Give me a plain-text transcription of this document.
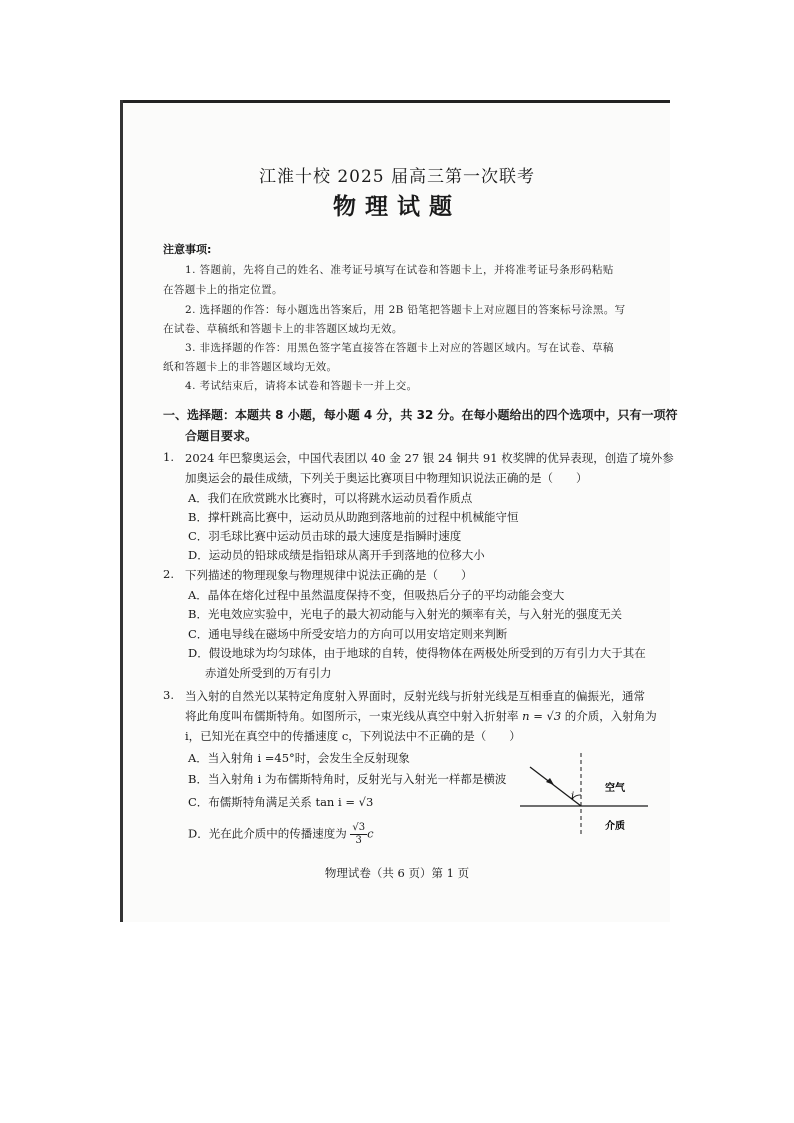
江淮十校 2025 届高三第一次联考
物理试题
注意事项:
1. 答题前，先将自己的姓名、准考证号填写在试卷和答题卡上，并将准考证号条形码粘贴
在答题卡上的指定位置。
2. 选择题的作答：每小题选出答案后，用 2B 铅笔把答题卡上对应题目的答案标号涂黑。写
在试卷、草稿纸和答题卡上的非答题区域均无效。
3. 非选择题的作答：用黑色签字笔直接答在答题卡上对应的答题区域内。写在试卷、草稿
纸和答题卡上的非答题区域均无效。
4. 考试结束后，请将本试卷和答题卡一并上交。
一、选择题：本题共 8 小题，每小题 4 分，共 32 分。在每小题给出的四个选项中，只有一项符
合题目要求。
1. 2024 年巴黎奥运会，中国代表团以 40 金 27 银 24 铜共 91 枚奖牌的优异表现，创造了境外参
加奥运会的最佳成绩，下列关于奥运比赛项目中物理知识说法正确的是（　　）
A．我们在欣赏跳水比赛时，可以将跳水运动员看作质点
B．撑杆跳高比赛中，运动员从助跑到落地前的过程中机械能守恒
C．羽毛球比赛中运动员击球的最大速度是指瞬时速度
D．运动员的铅球成绩是指铅球从离开手到落地的位移大小
2. 下列描述的物理现象与物理规律中说法正确的是（　　）
A．晶体在熔化过程中虽然温度保持不变，但吸热后分子的平均动能会变大
B．光电效应实验中，光电子的最大初动能与入射光的频率有关，与入射光的强度无关
C．通电导线在磁场中所受安培力的方向可以用安培定则来判断
D．假设地球为均匀球体，由于地球的自转，使得物体在两极处所受到的万有引力大于其在
赤道处所受到的万有引力
3. 当入射的自然光以某特定角度射入界面时，反射光线与折射光线是互相垂直的偏振光，通常
将此角度叫布儒斯特角。如图所示，一束光线从真空中射入折射率 n = √3 的介质，入射角为
i，已知光在真空中的传播速度 c，下列说法中不正确的是（　　）
A．当入射角 i =45°时，会发生全反射现象
B．当入射角 i 为布儒斯特角时，反射光与入射光一样都是横波
C．布儒斯特角满足关系 tan i = √3
D．光在此介质中的传播速度为 $\frac{√3}{3}$ c
i
空气
介质
物理试卷（共 6 页）第 1 页
